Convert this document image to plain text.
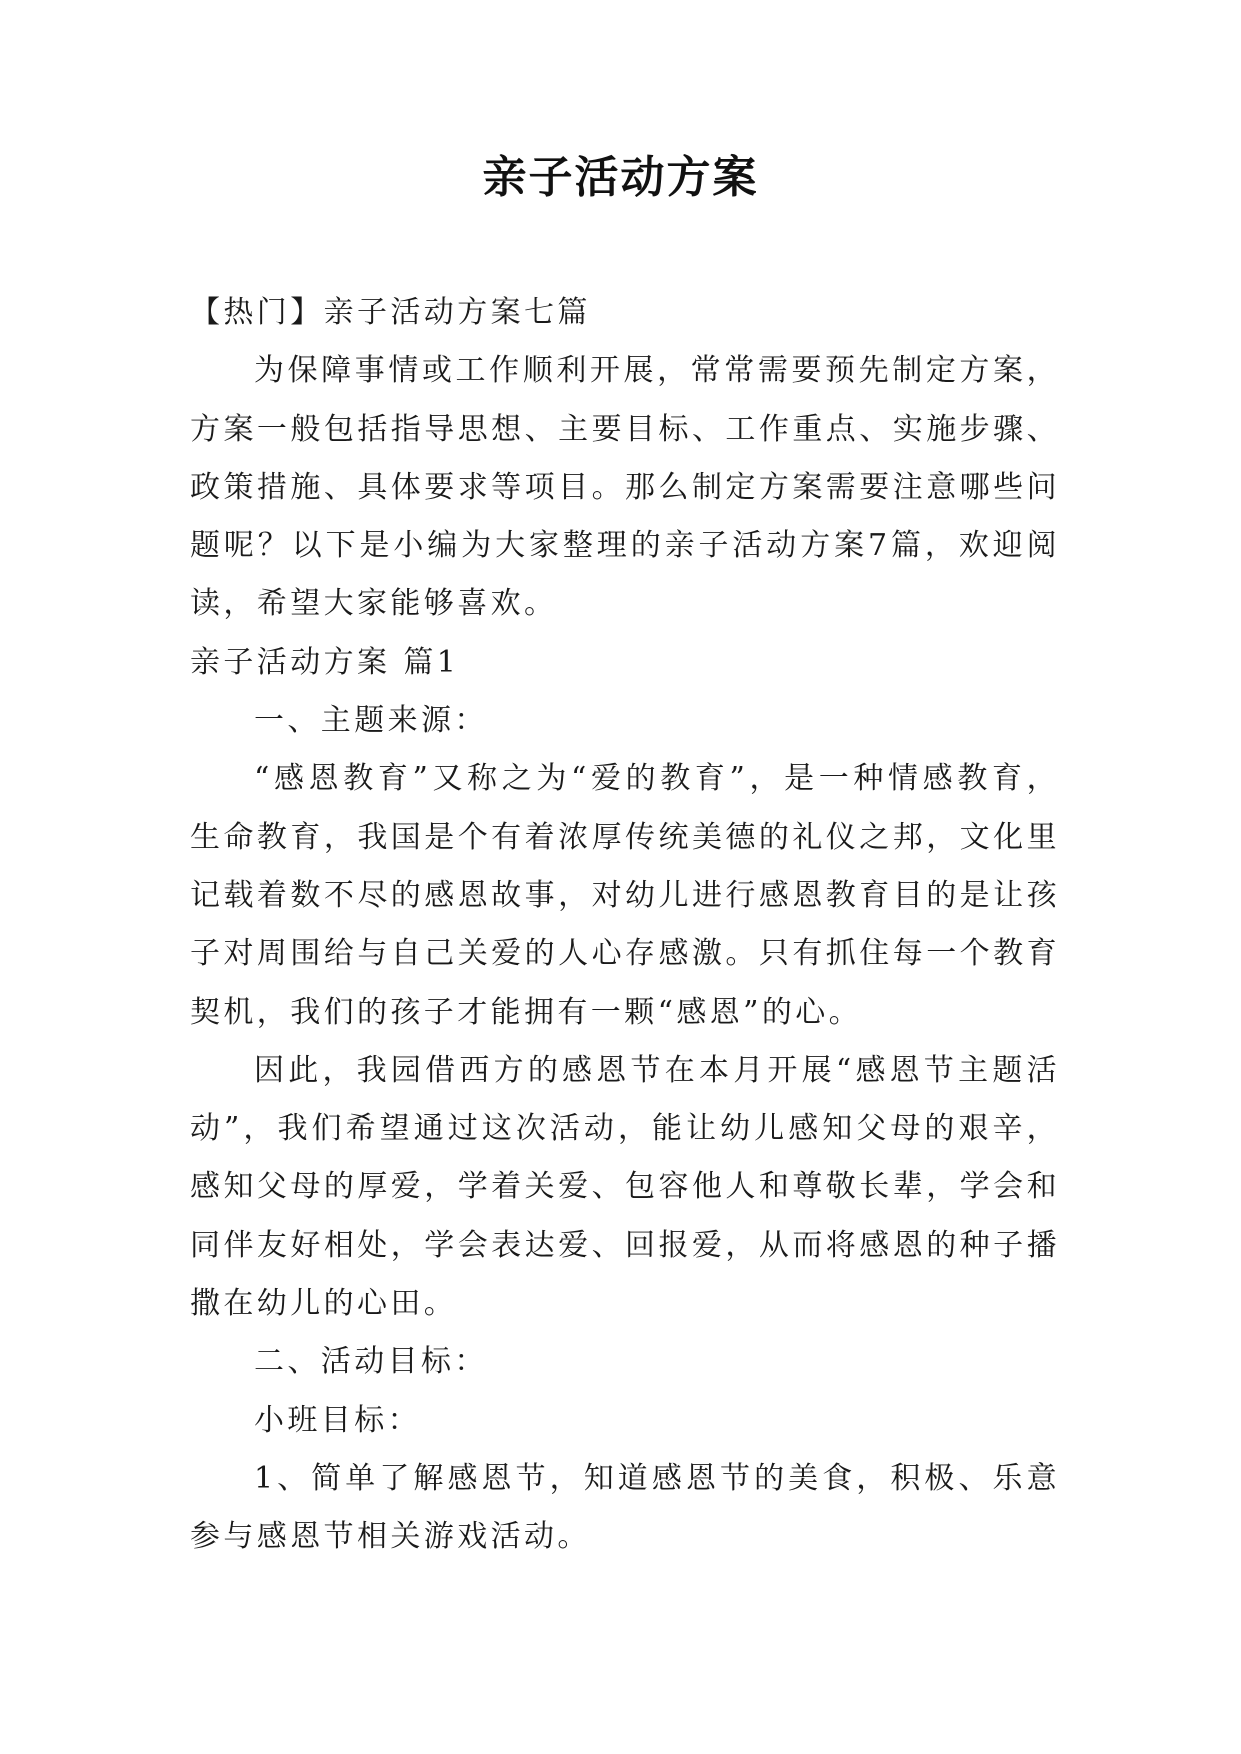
亲子活动方案

【热门】亲子活动方案七篇

为保障事情或工作顺利开展，常常需要预先制定方案，方案一般包括指导思想、主要目标、工作重点、实施步骤、政策措施、具体要求等项目。那么制定方案需要注意哪些问题呢？以下是小编为大家整理的亲子活动方案7篇，欢迎阅读，希望大家能够喜欢。

亲子活动方案 篇1

一、主题来源：

“感恩教育”又称之为“爱的教育”，是一种情感教育，生命教育，我国是个有着浓厚传统美德的礼仪之邦，文化里记载着数不尽的感恩故事，对幼儿进行感恩教育目的是让孩子对周围给与自己关爱的人心存感激。只有抓住每一个教育契机，我们的孩子才能拥有一颗“感恩”的心。

因此，我园借西方的感恩节在本月开展“感恩节主题活动”，我们希望通过这次活动，能让幼儿感知父母的艰辛，感知父母的厚爱，学着关爱、包容他人和尊敬长辈，学会和同伴友好相处，学会表达爱、回报爱，从而将感恩的种子播撒在幼儿的心田。

二、活动目标：

小班目标：

1、简单了解感恩节，知道感恩节的美食，积极、乐意参与感恩节相关游戏活动。
